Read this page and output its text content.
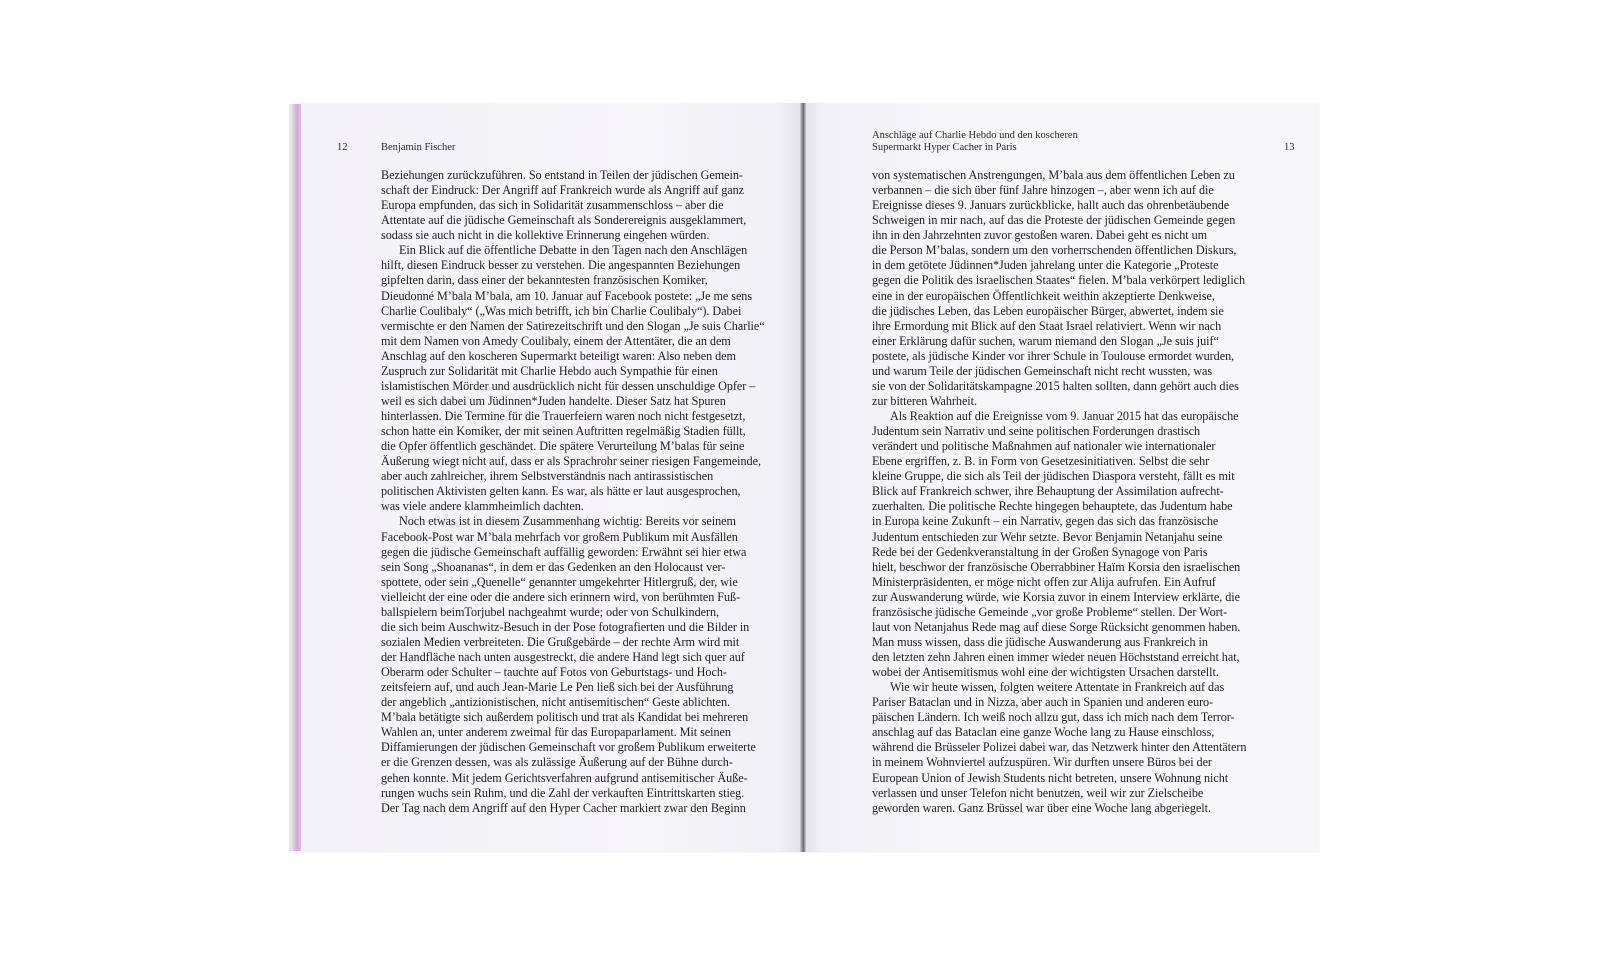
12	Benjamin Fischer

Anschläge auf Charlie Hebdo und den koscheren
Supermarkt Hyper Cacher in Paris	13

Beziehungen zurückzuführen. So entstand in Teilen der jüdischen Gemein-
schaft der Eindruck: Der Angriff auf Frankreich wurde als Angriff auf ganz
Europa empfunden, das sich in Solidarität zusammenschloss – aber die
Attentate auf die jüdische Gemeinschaft als Sonderereignis ausgeklammert,
sodass sie auch nicht in die kollektive Erinnerung eingehen würden.
Ein Blick auf die öffentliche Debatte in den Tagen nach den Anschlägen
hilft, diesen Eindruck besser zu verstehen. Die angespannten Beziehungen
gipfelten darin, dass einer der bekanntesten französischen Komiker,
Dieudonné M’bala M’bala, am 10. Januar auf Facebook postete: „Je me sens
Charlie Coulibaly“ („Was mich betrifft, ich bin Charlie Coulibaly“). Dabei
vermischte er den Namen der Satirezeitschrift und den Slogan „Je suis Charlie“
mit dem Namen von Amedy Coulibaly, einem der Attentäter, die an dem
Anschlag auf den koscheren Supermarkt beteiligt waren: Also neben dem
Zuspruch zur Solidarität mit Charlie Hebdo auch Sympathie für einen
islamistischen Mörder und ausdrücklich nicht für dessen unschuldige Opfer –
weil es sich dabei um Jüdinnen*Juden handelte. Dieser Satz hat Spuren
hinterlassen. Die Termine für die Trauerfeiern waren noch nicht festgesetzt,
schon hatte ein Komiker, der mit seinen Auftritten regelmäßig Stadien füllt,
die Opfer öffentlich geschändet. Die spätere Verurteilung M’balas für seine
Äußerung wiegt nicht auf, dass er als Sprachrohr seiner riesigen Fangemeinde,
aber auch zahlreicher, ihrem Selbstverständnis nach antirassistischen
politischen Aktivisten gelten kann. Es war, als hätte er laut ausgesprochen,
was viele andere klammheimlich dachten.
Noch etwas ist in diesem Zusammenhang wichtig: Bereits vor seinem
Facebook-Post war M’bala mehrfach vor großem Publikum mit Ausfällen
gegen die jüdische Gemeinschaft auffällig geworden: Erwähnt sei hier etwa
sein Song „Shoananas“, in dem er das Gedenken an den Holocaust ver-
spottete, oder sein „Quenelle“ genannter umgekehrter Hitlergruß, der, wie
vielleicht der eine oder die andere sich erinnern wird, von berühmten Fuß-
ballspielern beimTorjubel nachgeahmt wurde; oder von Schulkindern,
die sich beim Auschwitz-Besuch in der Pose fotografierten und die Bilder in
sozialen Medien verbreiteten. Die Grußgebärde – der rechte Arm wird mit
der Handfläche nach unten ausgestreckt, die andere Hand legt sich quer auf
Oberarm oder Schulter – tauchte auf Fotos von Geburtstags- und Hoch-
zeitsfeiern auf, und auch Jean-Marie Le Pen ließ sich bei der Ausführung
der angeblich „antizionistischen, nicht antisemitischen“ Geste ablichten.
M’bala betätigte sich außerdem politisch und trat als Kandidat bei mehreren
Wahlen an, unter anderem zweimal für das Europaparlament. Mit seinen
Diffamierungen der jüdischen Gemeinschaft vor großem Publikum erweiterte
er die Grenzen dessen, was als zulässige Äußerung auf der Bühne durch-
gehen konnte. Mit jedem Gerichtsverfahren aufgrund antisemitischer Äuße-
rungen wuchs sein Ruhm, und die Zahl der verkauften Eintrittskarten stieg.
Der Tag nach dem Angriff auf den Hyper Cacher markiert zwar den Beginn
von systematischen Anstrengungen, M’bala aus dem öffentlichen Leben zu
verbannen – die sich über fünf Jahre hinzogen –, aber wenn ich auf die
Ereignisse dieses 9. Januars zurückblicke, hallt auch das ohrenbetäubende
Schweigen in mir nach, auf das die Proteste der jüdischen Gemeinde gegen
ihn in den Jahrzehnten zuvor gestoßen waren. Dabei geht es nicht um
die Person M’balas, sondern um den vorherrschenden öffentlichen Diskurs,
in dem getötete Jüdinnen*Juden jahrelang unter die Kategorie „Proteste
gegen die Politik des israelischen Staates“ fielen. M’bala verkörpert lediglich
eine in der europäischen Öffentlichkeit weithin akzeptierte Denkweise,
die jüdisches Leben, das Leben europäischer Bürger, abwertet, indem sie
ihre Ermordung mit Blick auf den Staat Israel relativiert. Wenn wir nach
einer Erklärung dafür suchen, warum niemand den Slogan „Je suis juif“
postete, als jüdische Kinder vor ihrer Schule in Toulouse ermordet wurden,
und warum Teile der jüdischen Gemeinschaft nicht recht wussten, was
sie von der Solidaritätskampagne 2015 halten sollten, dann gehört auch dies
zur bitteren Wahrheit.
Als Reaktion auf die Ereignisse vom 9. Januar 2015 hat das europäische
Judentum sein Narrativ und seine politischen Forderungen drastisch
verändert und politische Maßnahmen auf nationaler wie internationaler
Ebene ergriffen, z. B. in Form von Gesetzesinitiativen. Selbst die sehr
kleine Gruppe, die sich als Teil der jüdischen Diaspora versteht, fällt es mit
Blick auf Frankreich schwer, ihre Behauptung der Assimilation aufrecht-
zuerhalten. Die politische Rechte hingegen behauptete, das Judentum habe
in Europa keine Zukunft – ein Narrativ, gegen das sich das französische
Judentum entschieden zur Wehr setzte. Bevor Benjamin Netanjahu seine
Rede bei der Gedenkveranstaltung in der Großen Synagoge von Paris
hielt, beschwor der französische Oberrabbiner Haïm Korsia den israelischen
Ministerpräsidenten, er möge nicht offen zur Alija aufrufen. Ein Aufruf
zur Auswanderung würde, wie Korsia zuvor in einem Interview erklärte, die
französische jüdische Gemeinde „vor große Probleme“ stellen. Der Wort-
laut von Netanjahus Rede mag auf diese Sorge Rücksicht genommen haben.
Man muss wissen, dass die jüdische Auswanderung aus Frankreich in
den letzten zehn Jahren einen immer wieder neuen Höchststand erreicht hat,
wobei der Antisemitismus wohl eine der wichtigsten Ursachen darstellt.
Wie wir heute wissen, folgten weitere Attentate in Frankreich auf das
Pariser Bataclan und in Nizza, aber auch in Spanien und anderen euro-
päischen Ländern. Ich weiß noch allzu gut, dass ich mich nach dem Terror-
anschlag auf das Bataclan eine ganze Woche lang zu Hause einschloss,
während die Brüsseler Polizei dabei war, das Netzwerk hinter den Attentätern
in meinem Wohnviertel aufzuspüren. Wir durften unsere Büros bei der
European Union of Jewish Students nicht betreten, unsere Wohnung nicht
verlassen und unser Telefon nicht benutzen, weil wir zur Zielscheibe
geworden waren. Ganz Brüssel war über eine Woche lang abgeriegelt.
